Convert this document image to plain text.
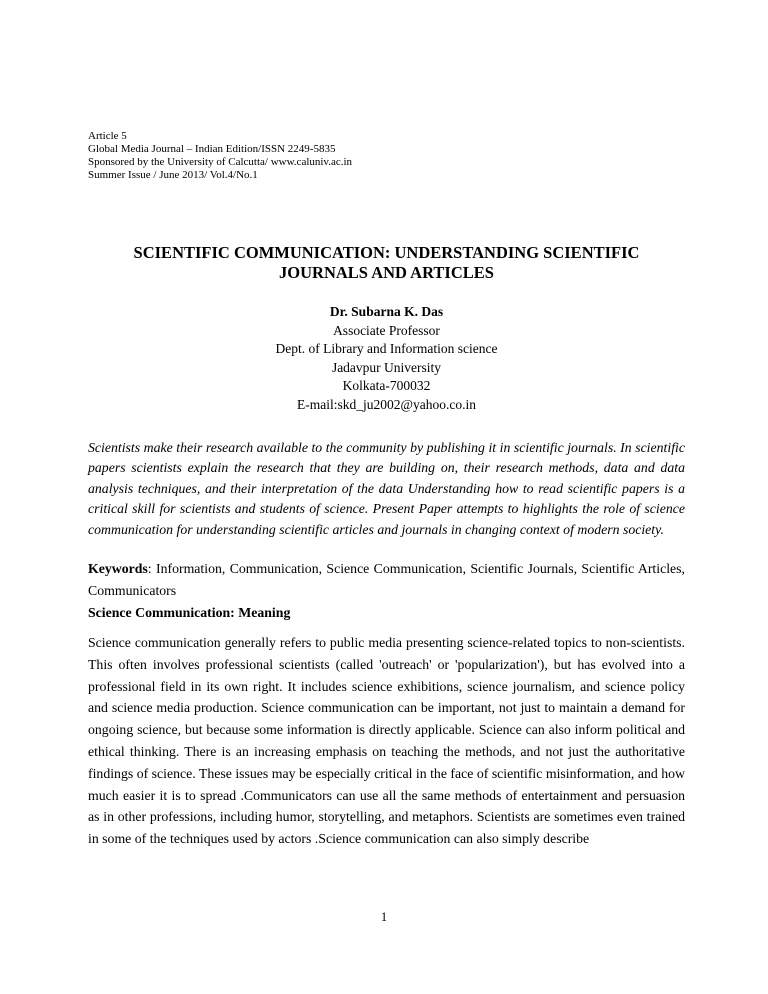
Article 5
Global Media Journal – Indian Edition/ISSN 2249-5835
Sponsored by the University of Calcutta/ www.caluniv.ac.in
Summer Issue / June 2013/ Vol.4/No.1
SCIENTIFIC COMMUNICATION: UNDERSTANDING SCIENTIFIC JOURNALS AND ARTICLES
Dr. Subarna K. Das
Associate Professor
Dept. of Library and Information science
Jadavpur University
Kolkata-700032
E-mail:skd_ju2002@yahoo.co.in

Scientists make their research available to the community by publishing it in scientific journals. In scientific papers scientists explain the research that they are building on, their research methods, data and data analysis techniques, and their interpretation of the data Understanding how to read scientific papers is a critical skill for scientists and students of science. Present Paper attempts to highlights the role of science communication for understanding scientific articles and journals in changing context of modern society.

Keywords: Information, Communication, Science Communication, Scientific Journals, Scientific Articles, Communicators

Science Communication: Meaning

Science communication generally refers to public media presenting science-related topics to non-scientists. This often involves professional scientists (called 'outreach' or 'popularization'), but has evolved into a professional field in its own right. It includes science exhibitions, science journalism, and science policy and science media production. Science communication can be important, not just to maintain a demand for ongoing science, but because some information is directly applicable. Science can also inform political and ethical thinking. There is an increasing emphasis on teaching the methods, and not just the authoritative findings of science. These issues may be especially critical in the face of scientific misinformation, and how much easier it is to spread .Communicators can use all the same methods of entertainment and persuasion as in other professions, including humor, storytelling, and metaphors. Scientists are sometimes even trained in some of the techniques used by actors .Science communication can also simply describe

1
